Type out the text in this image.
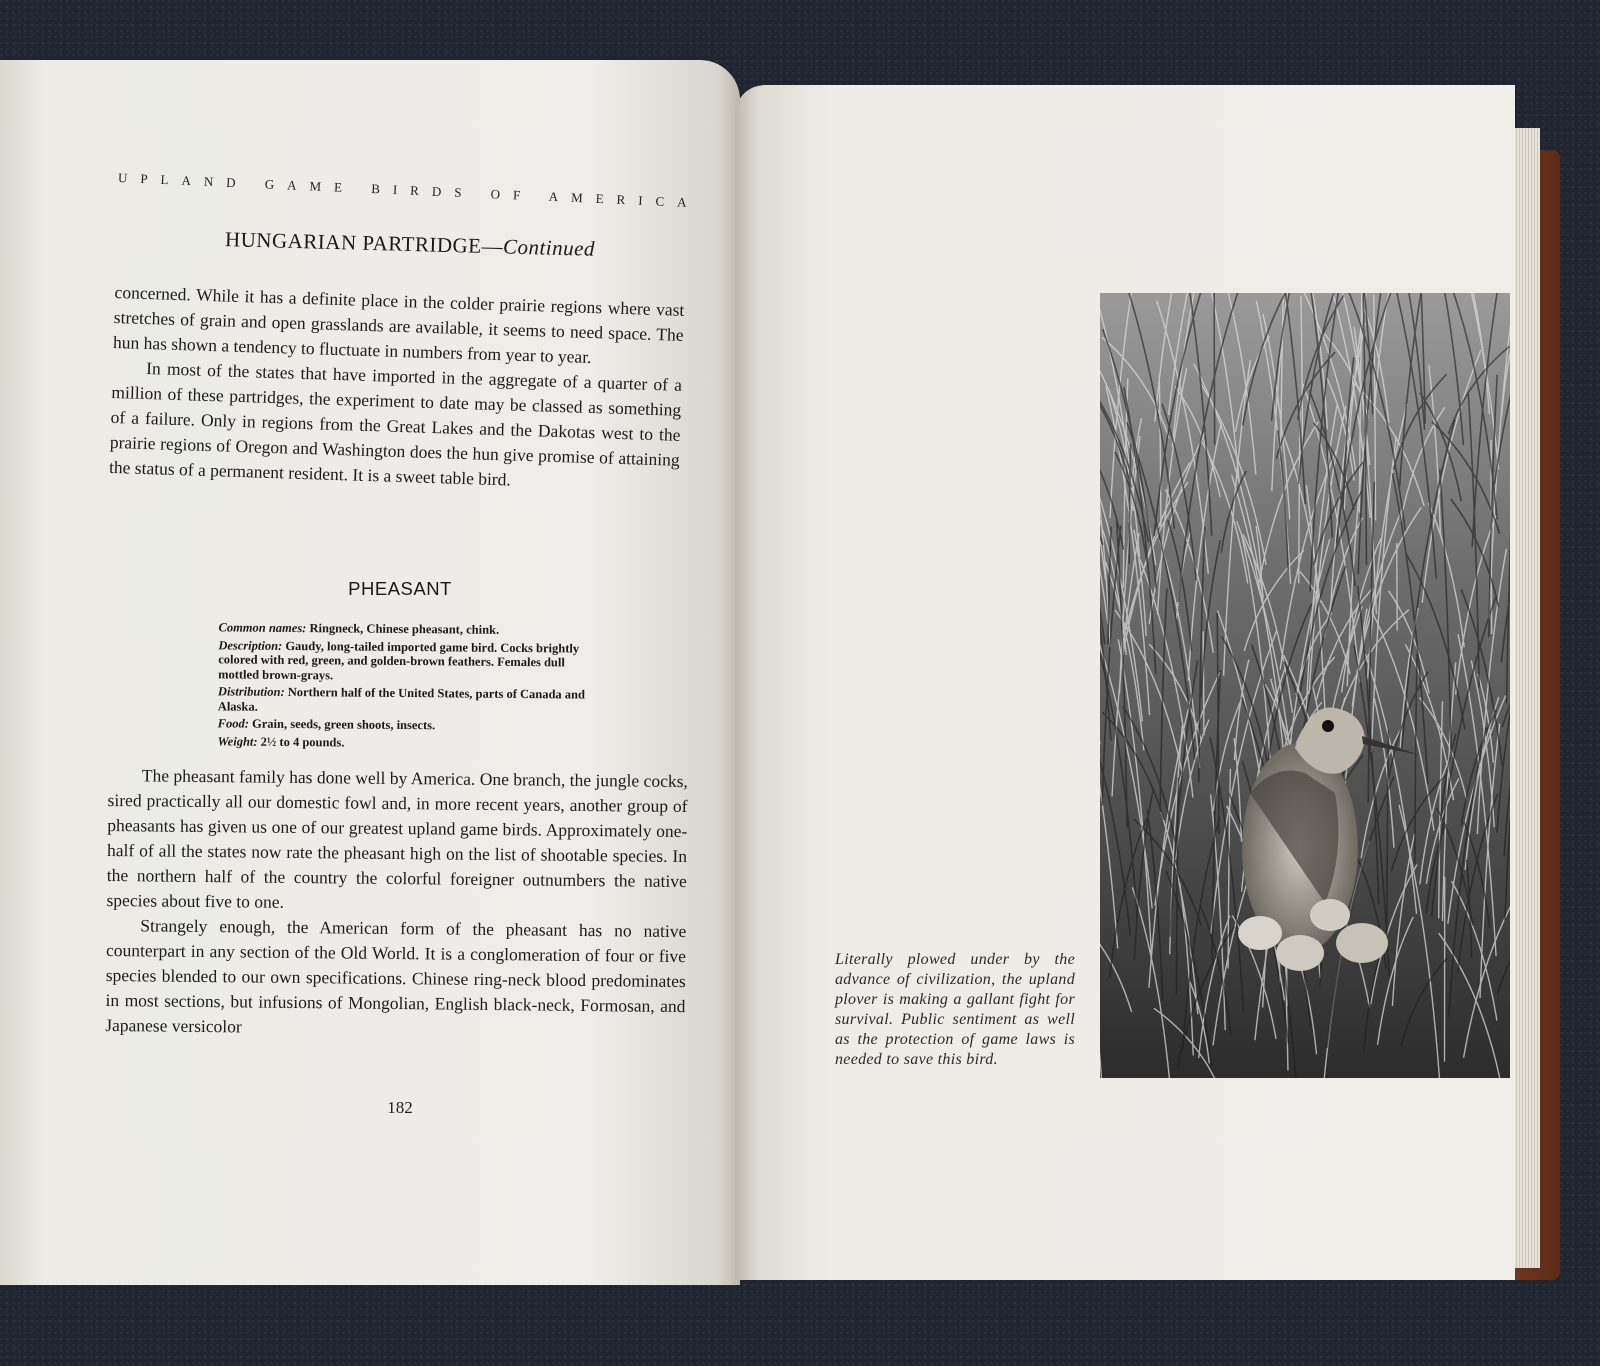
UPLAND GAME BIRDS OF AMERICA
HUNGARIAN PARTRIDGE—Continued

concerned. While it has a definite place in the colder prairie regions where vast stretches of grain and open grasslands are available, it seems to need space. The hun has shown a tendency to fluctuate in numbers from year to year.

In most of the states that have imported in the aggregate of a quarter of a million of these partridges, the experiment to date may be classed as something of a failure. Only in regions from the Great Lakes and the Dakotas west to the prairie regions of Oregon and Washington does the hun give promise of attaining the status of a permanent resident. It is a sweet table bird.

PHEASANT

Common names: Ringneck, Chinese pheasant, chink.

Description: Gaudy, long-tailed imported game bird. Cocks brightly colored with red, green, and golden-brown feathers. Females dull mottled brown-grays.

Distribution: Northern half of the United States, parts of Canada and Alaska.

Food: Grain, seeds, green shoots, insects.

Weight: 2½ to 4 pounds.

The pheasant family has done well by America. One branch, the jungle cocks, sired practically all our domestic fowl and, in more recent years, another group of pheasants has given us one of our greatest upland game birds. Approximately one-half of all the states now rate the pheasant high on the list of shootable species. In the northern half of the country the colorful foreigner outnumbers the native species about five to one.

Strangely enough, the American form of the pheasant has no native counterpart in any section of the Old World. It is a conglomeration of four or five species blended to our own specifications. Chinese ring-neck blood predominates in most sections, but infusions of Mongolian, English black-neck, Formosan, and Japanese versicolor

182
Literally plowed under by the advance of civilization, the upland plover is making a gallant fight for survival. Public sentiment as well as the protection of game laws is needed to save this bird.
